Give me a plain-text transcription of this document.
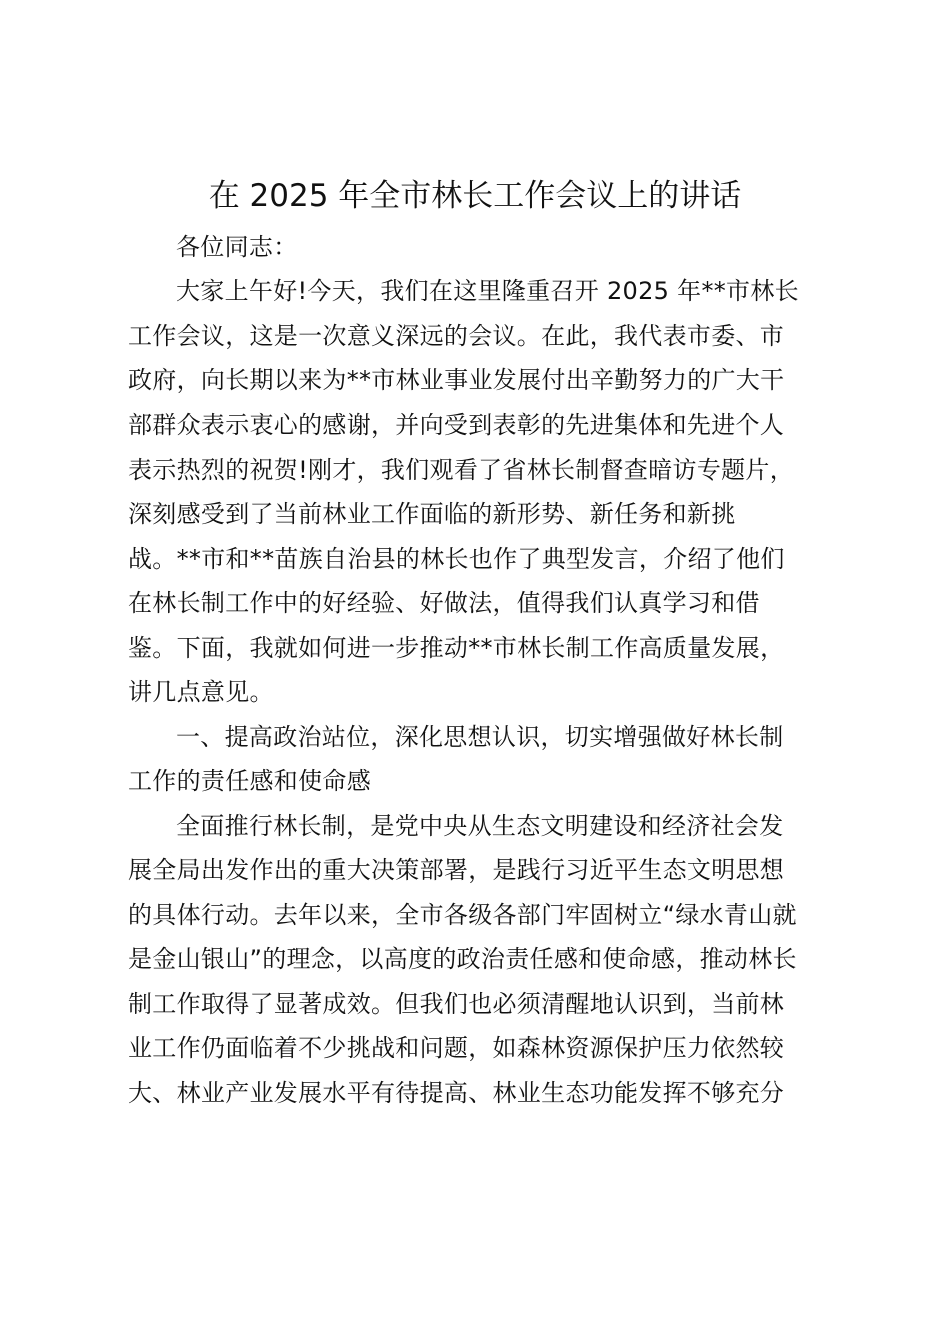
在 2025 年全市林长工作会议上的讲话
各位同志：
大家上午好!今天，我们在这里隆重召开 2025 年**市林长
工作会议，这是一次意义深远的会议。在此，我代表市委、市
政府，向长期以来为**市林业事业发展付出辛勤努力的广大干
部群众表示衷心的感谢，并向受到表彰的先进集体和先进个人
表示热烈的祝贺!刚才，我们观看了省林长制督查暗访专题片，
深刻感受到了当前林业工作面临的新形势、新任务和新挑
战。**市和**苗族自治县的林长也作了典型发言，介绍了他们
在林长制工作中的好经验、好做法，值得我们认真学习和借
鉴。下面，我就如何进一步推动**市林长制工作高质量发展，
讲几点意见。
一、提高政治站位，深化思想认识，切实增强做好林长制
工作的责任感和使命感
全面推行林长制，是党中央从生态文明建设和经济社会发
展全局出发作出的重大决策部署，是践行习近平生态文明思想
的具体行动。去年以来，全市各级各部门牢固树立“绿水青山就
是金山银山”的理念，以高度的政治责任感和使命感，推动林长
制工作取得了显著成效。但我们也必须清醒地认识到，当前林
业工作仍面临着不少挑战和问题，如森林资源保护压力依然较
大、林业产业发展水平有待提高、林业生态功能发挥不够充分
